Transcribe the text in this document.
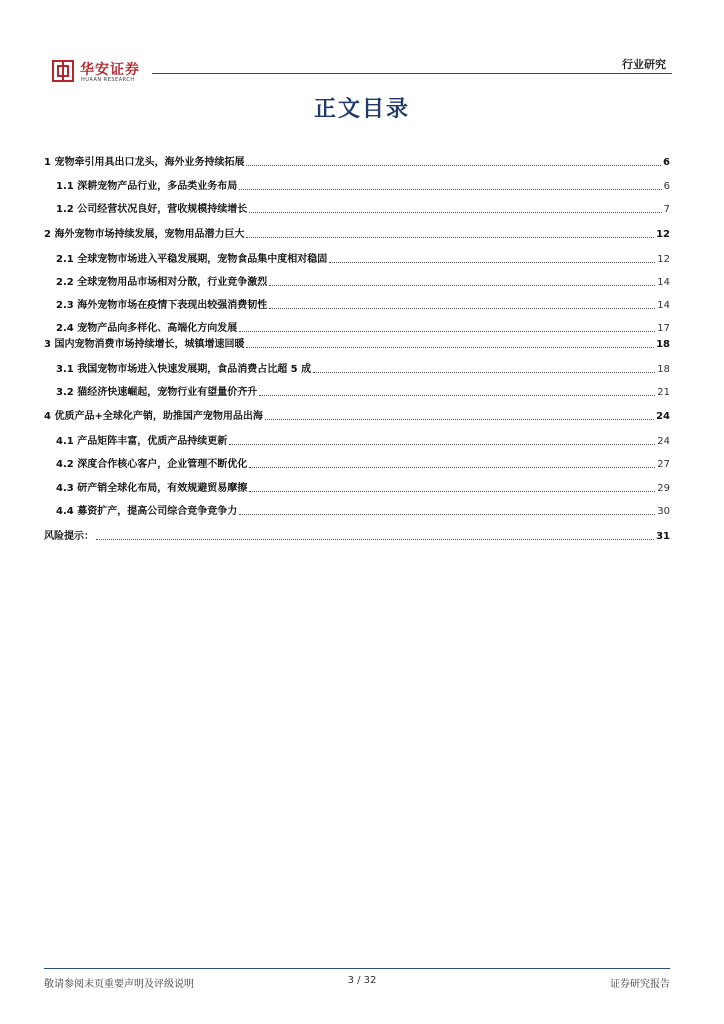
华安证券
HUAAN RESEARCH
行业研究
正文目录
1 宠物牵引用具出口龙头，海外业务持续拓展	6
1.1 深耕宠物产品行业，多品类业务布局	6
1.2 公司经营状况良好，营收规模持续增长	7
2 海外宠物市场持续发展，宠物用品潜力巨大	12
2.1 全球宠物市场进入平稳发展期，宠物食品集中度相对稳固	12
2.2 全球宠物用品市场相对分散，行业竞争激烈	14
2.3 海外宠物市场在疫情下表现出较强消费韧性	14
2.4 宠物产品向多样化、高端化方向发展	17
3 国内宠物消费市场持续增长，城镇增速回暖	18
3.1 我国宠物市场进入快速发展期，食品消费占比超 5 成	18
3.2 猫经济快速崛起，宠物行业有望量价齐升	21
4 优质产品+全球化产销，助推国产宠物用品出海	24
4.1 产品矩阵丰富，优质产品持续更新	24
4.2 深度合作核心客户，企业管理不断优化	27
4.3 研产销全球化布局，有效规避贸易摩擦	29
4.4 募资扩产，提高公司综合竞争竞争力	30
风险提示：	31
敬请参阅末页重要声明及评级说明	3 / 32	证券研究报告
